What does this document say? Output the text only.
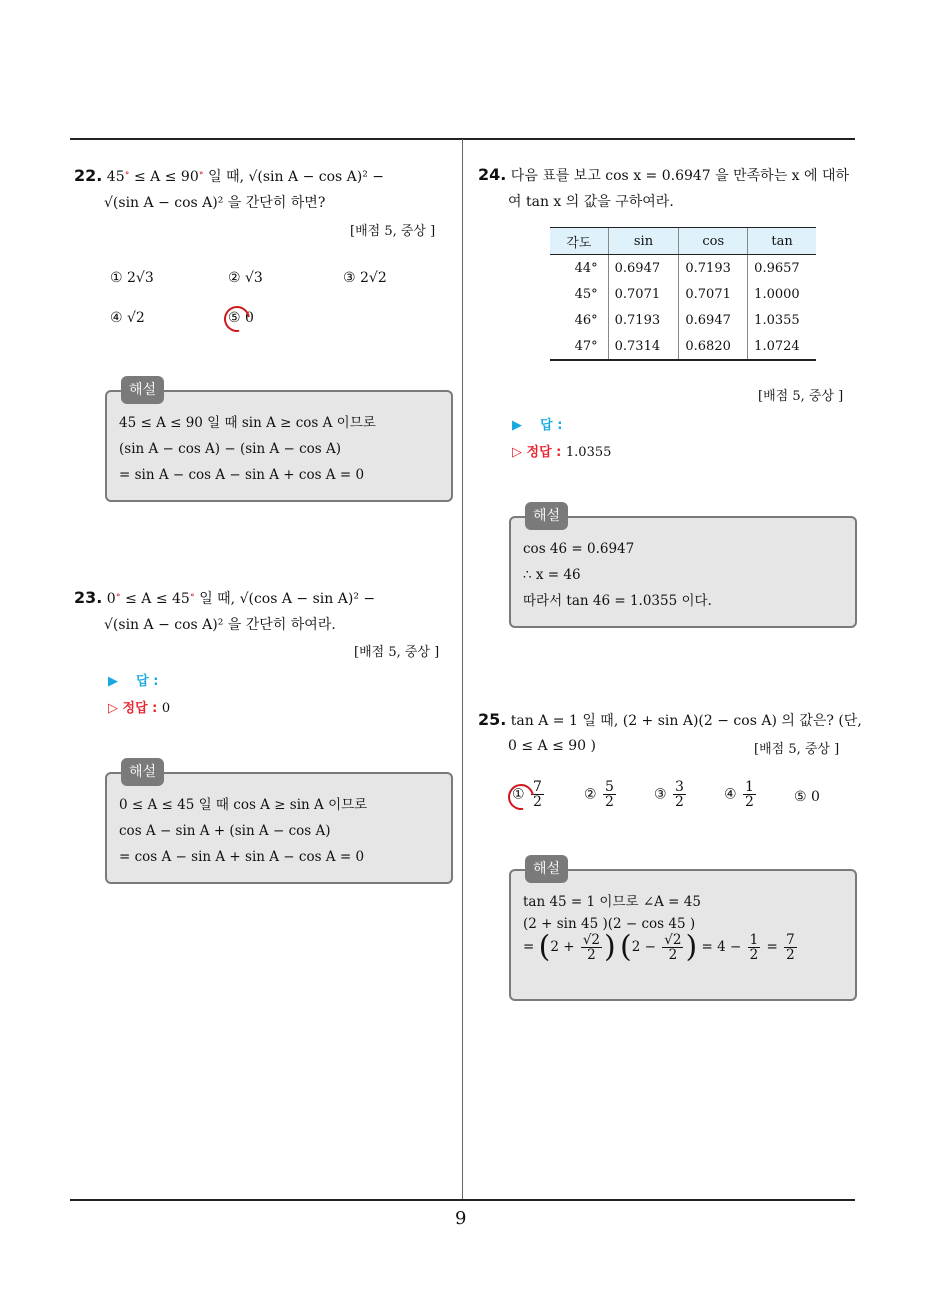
9
22. 45∘ ≤ A ≤ 90∘ 일 때, √(sin A − cos A)² −
√(sin A − cos A)² 을 간단히 하면?
[배점 5, 중상 ]
① 2√3	② √3	③ 2√2
④ √2	⑤ 0
해설
45 ≤ A ≤ 90 일 때 sin A ≥ cos A 이므로
(sin A − cos A) − (sin A − cos A)
= sin A − cos A − sin A + cos A = 0
23. 0∘ ≤ A ≤ 45∘ 일 때, √(cos A − sin A)² −
√(sin A − cos A)² 을 간단히 하여라.
[배점 5, 중상 ]
▶ 답 :
▷ 정답 : 0
해설
0 ≤ A ≤ 45 일 때 cos A ≥ sin A 이므로
cos A − sin A + (sin A − cos A)
= cos A − sin A + sin A − cos A = 0
24. 다음 표를 보고 cos x = 0.6947 을 만족하는 x 에 대하
여 tan x 의 값을 구하여라.
각도	sin	cos	tan
44°	0.6947	0.7193	0.9657
45°	0.7071	0.7071	1.0000
46°	0.7193	0.6947	1.0355
47°	0.7314	0.6820	1.0724
[배점 5, 중상 ]
▶ 답 :
▷ 정답 : 1.0355
해설
cos 46 = 0.6947
∴ x = 46
따라서 tan 46 = 1.0355 이다.
25. tan A = 1 일 때, (2 + sin A)(2 − cos A) 의 값은? (단,
0 ≤ A ≤ 90 )	[배점 5, 중상 ]
① $\frac{7}{2}$	② $\frac{5}{2}$	③ $\frac{3}{2}$	④ $\frac{1}{2}$	⑤ 0
해설
tan 45 = 1 이므로 ∠A = 45
(2 + sin 45 )(2 − cos 45 )
= ($2 + \frac{√2}{2}$ ) ($2 - \frac{√2}{2}$ ) = $4 - \frac{1}{2} = \frac{7}{2}$
